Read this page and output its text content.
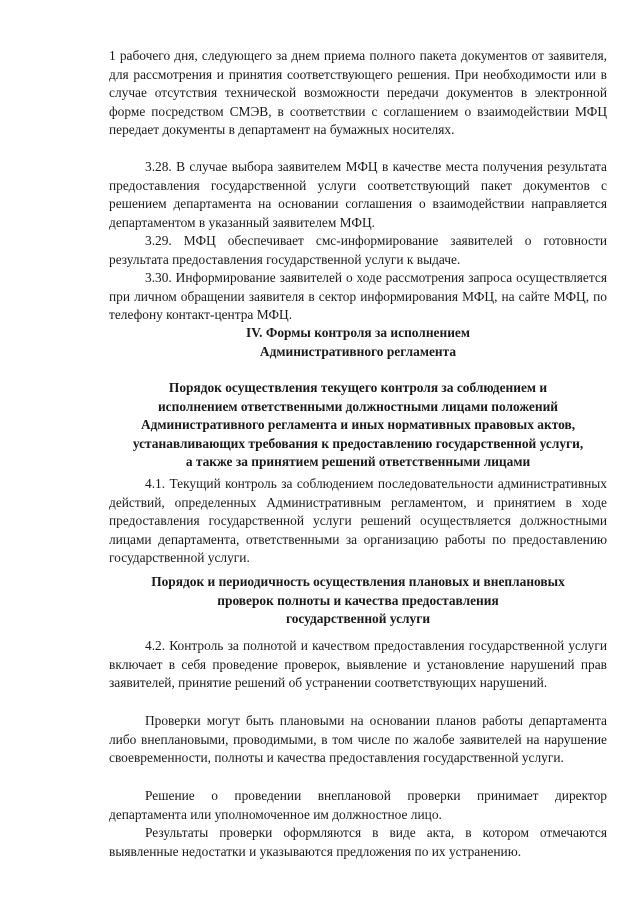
1 рабочего дня, следующего за днем приема полного пакета документов от заявителя, для рассмотрения и принятия соответствующего решения. При необходимости или в случае отсутствия технической возможности передачи документов в электронной форме посредством СМЭВ, в соответствии с соглашением о взаимодействии МФЦ передает документы в департамент на бумажных носителях.

3.28. В случае выбора заявителем МФЦ в качестве места получения результата предоставления государственной услуги соответствующий пакет документов с решением департамента на основании соглашения о взаимодействии направляется департаментом в указанный заявителем МФЦ.

3.29. МФЦ обеспечивает смс-информирование заявителей о готовности результата предоставления государственной услуги к выдаче.

3.30. Информирование заявителей о ходе рассмотрения запроса осуществляется при личном обращении заявителя в сектор информирования МФЦ, на сайте МФЦ, по телефону контакт-центра МФЦ.

IV. Формы контроля за исполнением
Административного регламента
Порядок осуществления текущего контроля за соблюдением и
исполнением ответственными должностными лицами положений
Административного регламента и иных нормативных правовых актов,
устанавливающих требования к предоставлению государственной услуги,
а также за принятием решений ответственными лицами

4.1. Текущий контроль за соблюдением последовательности административных действий, определенных Административным регламентом, и принятием в ходе предоставления государственной услуги решений осуществляется должностными лицами департамента, ответственными за организацию работы по предоставлению государственной услуги.

Порядок и периодичность осуществления плановых и внеплановых
проверок полноты и качества предоставления
государственной услуги

4.2. Контроль за полнотой и качеством предоставления государственной услуги включает в себя проведение проверок, выявление и установление нарушений прав заявителей, принятие решений об устранении соответствующих нарушений.

Проверки могут быть плановыми на основании планов работы департамента либо внеплановыми, проводимыми, в том числе по жалобе заявителей на нарушение своевременности, полноты и качества предоставления государственной услуги.

Решение о проведении внеплановой проверки принимает директор департамента или уполномоченное им должностное лицо.

Результаты проверки оформляются в виде акта, в котором отмечаются выявленные недостатки и указываются предложения по их устранению.
